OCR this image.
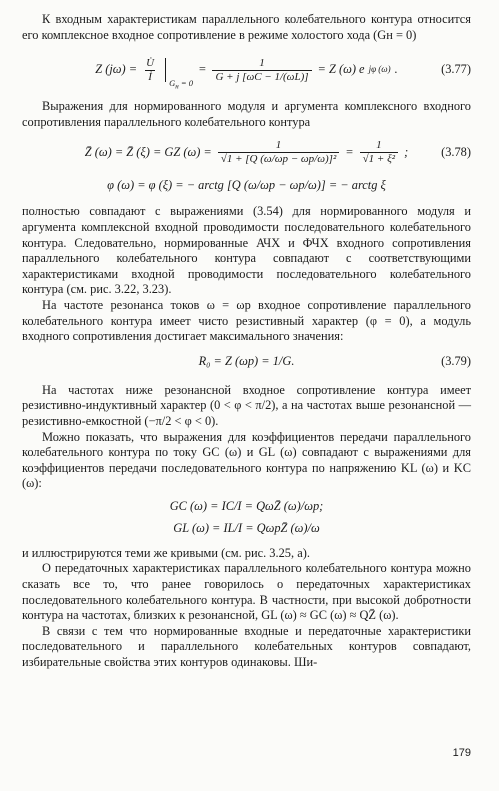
К входным характеристикам параллельного колебательного контура относится его комплексное входное сопротивление в режиме холостого хода (Gн = 0)

Z $(j\omega) = \frac{U̇}{İ} G_н = 0$
= $\frac{1}{G + j [\omega C - 1/(\omega L)]} = Z$ (ω) e jφ (ω) .	(3.77)

Выражения для нормированного модуля и аргумента комплексного входного сопротивления параллельного колебательного контура

Z̄ (ω) = Z̄ (ξ) = GZ $(\omega) = \frac{1}{\text{√1 + [Q (ω/ωр − ωр/ω)]²}} = \frac{1}{\text{√1 + ξ²}}$ ;	(3.78)
φ (ω) = φ (ξ) = − arctg [Q (ω/ωр − ωр/ω)] = − arctg ξ

полностью совпадают с выражениями (3.54) для нормированного модуля и аргумента комплексной входной проводимости последовательного колебательного контура. Следовательно, нормированные АЧХ и ФЧХ входного сопротивления параллельного колебательного контура совпадают с соответствующими характеристиками входной проводимости последовательного колебательного контура (см. рис. 3.22, 3.23).

На частоте резонанса токов ω = ωр входное сопротивление параллельного колебательного контура имеет чисто резистивный характер (φ = 0), а модуль входного сопротивления достигает максимального значения:

R₀ = Z (ωр) = 1/G.	(3.79)

На частотах ниже резонансной входное сопротивление контура имеет резистивно-индуктивный характер (0 < φ < π/2), а на частотах выше резонансной — резистивно-емкостной (−π/2 < φ < 0).

Можно показать, что выражения для коэффициентов передачи параллельного колебательного контура по току GC (ω) и GL (ω) совпадают с выражениями для коэффициентов передачи последовательного контура по напряжению KL (ω) и KC (ω):

GC (ω) = IC/I = QωZ̄ (ω)/ωр;
GL (ω) = IL/I = QωрZ̄ (ω)/ω

и иллюстрируются теми же кривыми (см. рис. 3.25, а).

О передаточных характеристиках параллельного колебательного контура можно сказать все то, что ранее говорилось о передаточных характеристиках последовательного колебательного контура. В частности, при высокой добротности контура на частотах, близких к резонансной, GL (ω) ≈ GC (ω) ≈ QZ̄ (ω).

В связи с тем что нормированные входные и передаточные характеристики последовательного и параллельного колебательных контуров совпадают, избирательные свойства этих контуров одинаковы. Ши-

179
